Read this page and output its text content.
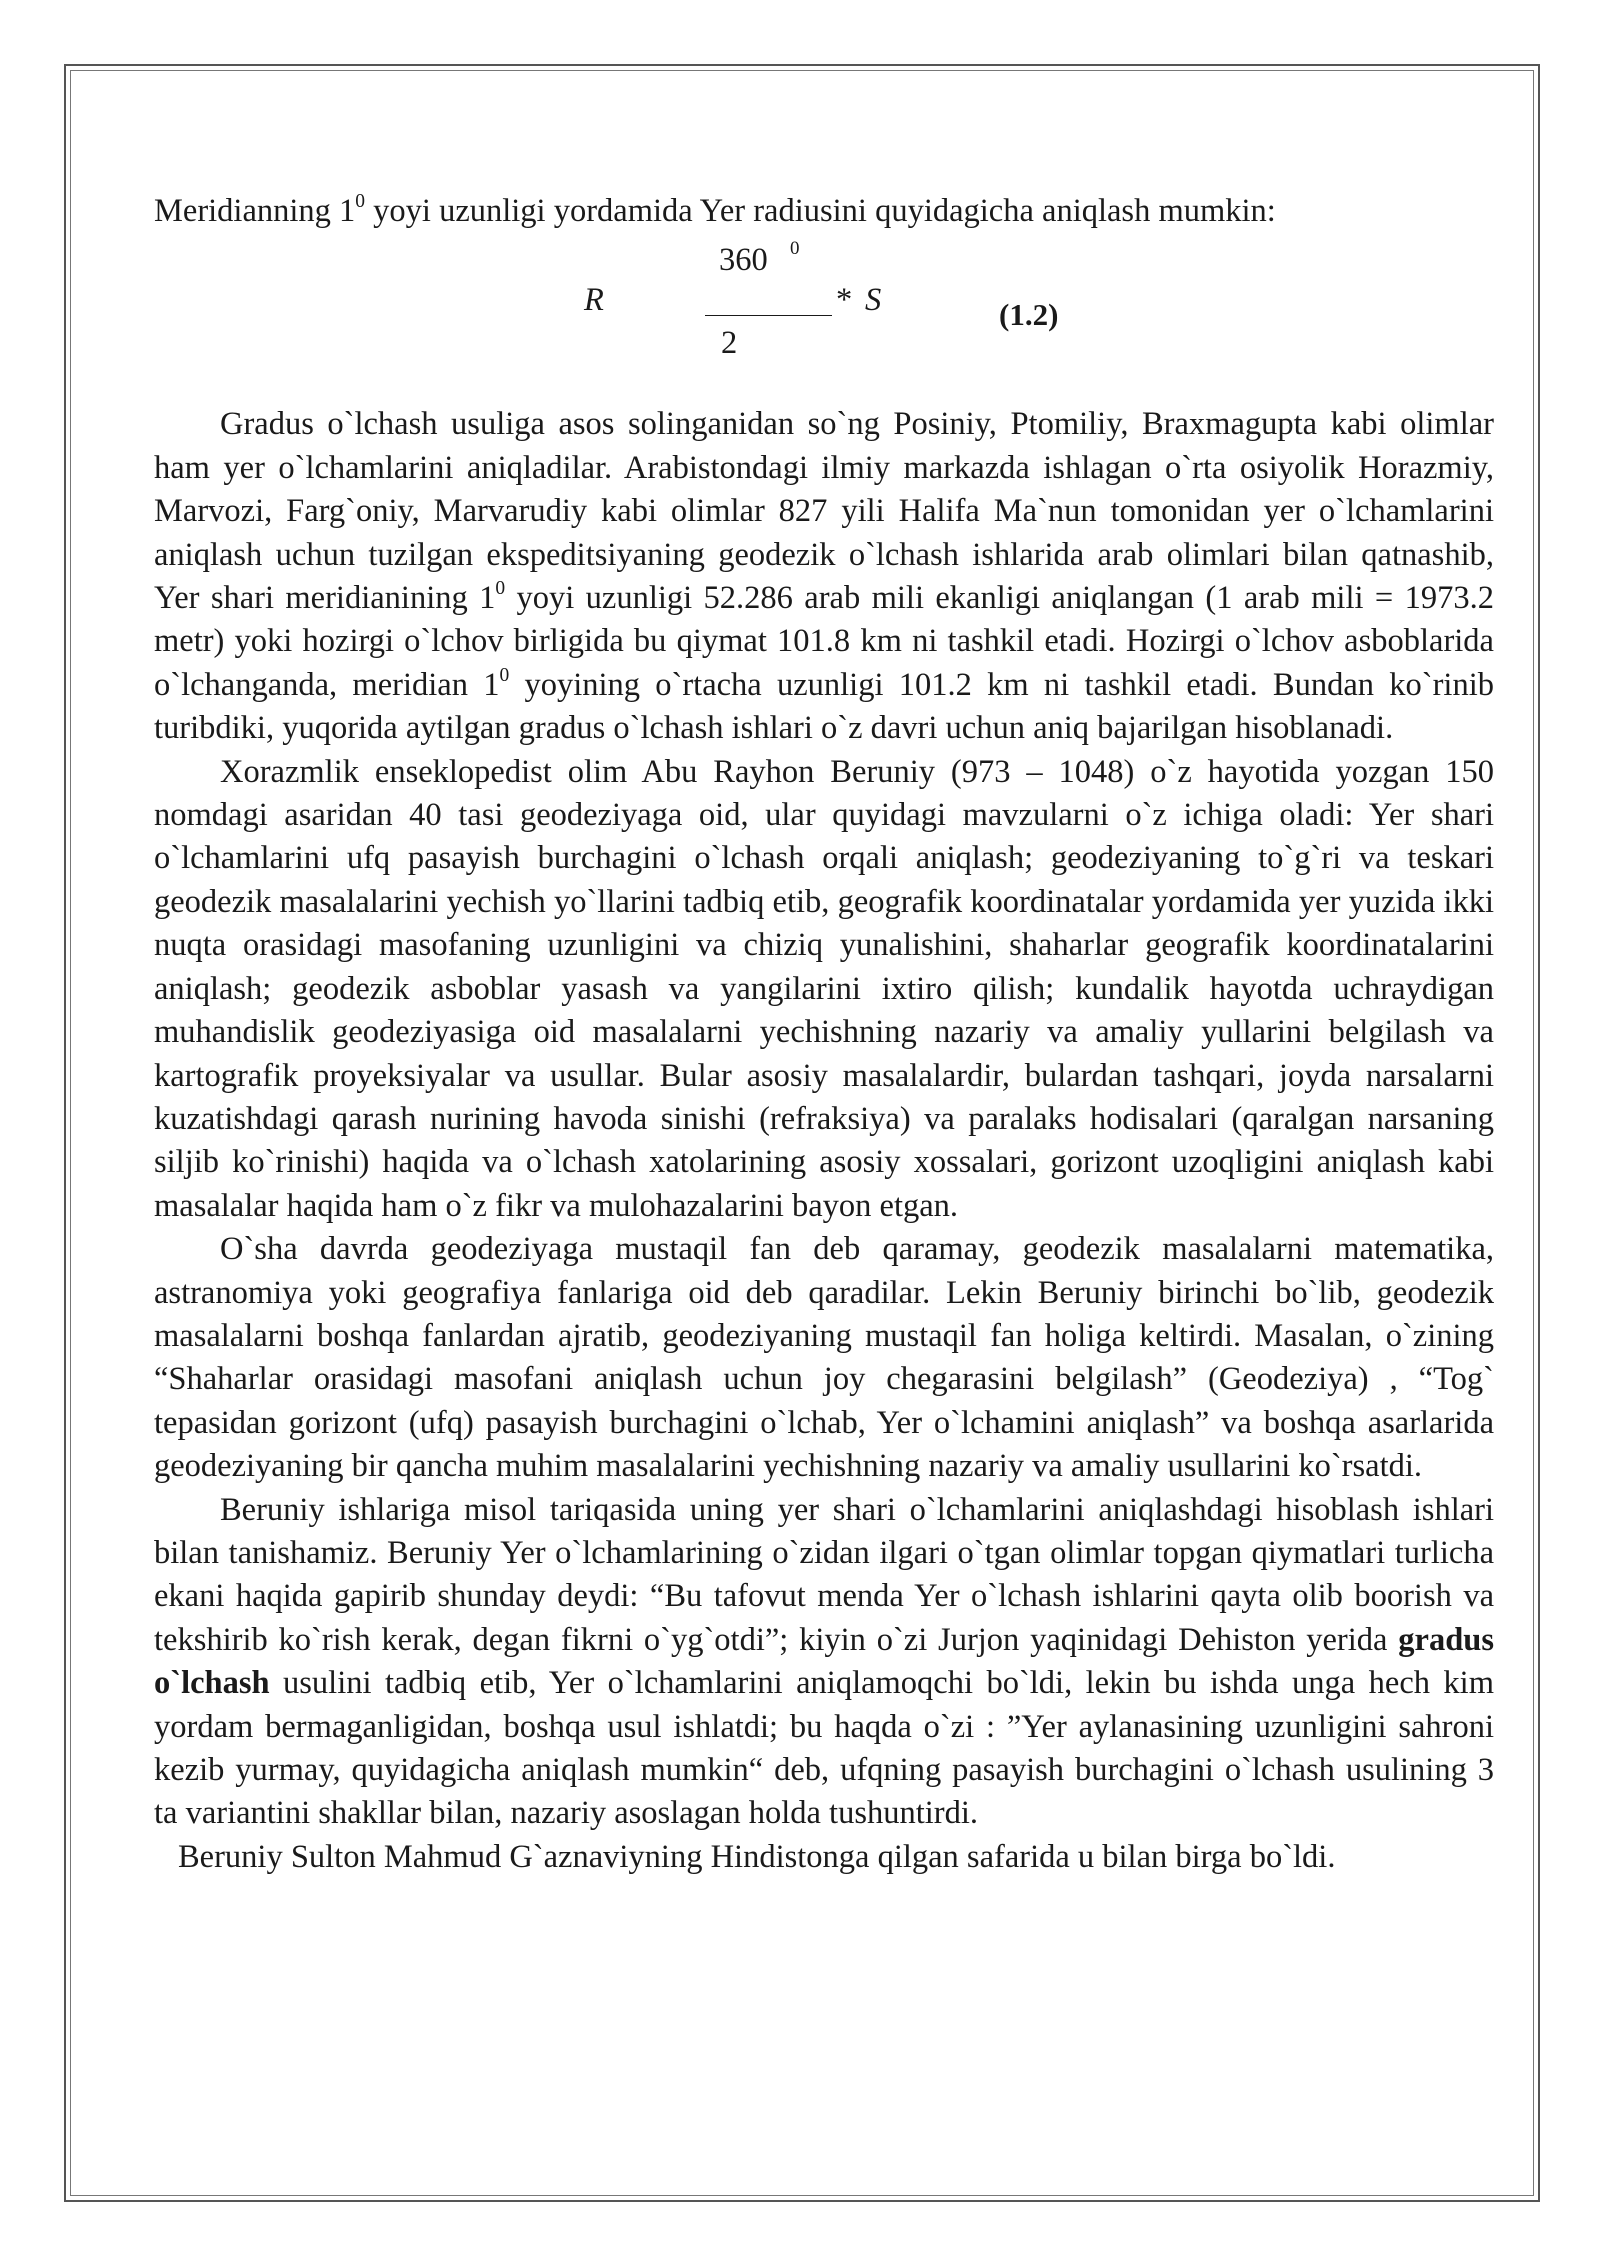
Meridianning $1^0$ yoyi uzunligi yordamida Yer radiusini quyidagicha aniqlash mumkin:

360 0
R	* S
2
(1.2)

Gradus o`lchash usuliga asos solinganidan so`ng Posiniy, Ptomiliy, Braxmagupta kabi olimlar ham yer o`lchamlarini aniqladilar. Arabistondagi ilmiy markazda ishlagan o`rta osiyolik Horazmiy, Marvozi, Farg`oniy, Marvarudiy kabi olimlar 827 yili Halifa Ma`nun tomonidan yer o`lchamlarini aniqlash uchun tuzilgan ekspeditsiyaning geodezik o`lchash ishlarida arab olimlari bilan qatnashib, Yer shari meridianining $1^0$ yoyi uzunligi 52.286 arab mili ekanligi aniqlangan (1 arab mili = 1973.2 metr) yoki hozirgi o`lchov birligida bu qiymat 101.8 km ni tashkil etadi. Hozirgi o`lchov asboblarida o`lchanganda, meridian $1^0$ yoyining o`rtacha uzunligi 101.2 km ni tashkil etadi. Bundan ko`rinib turibdiki, yuqorida aytilgan gradus o`lchash ishlari o`z davri uchun aniq bajarilgan hisoblanadi.

Xorazmlik enseklopedist olim Abu Rayhon Beruniy (973 – 1048) o`z hayotida yozgan 150 nomdagi asaridan 40 tasi geodeziyaga oid, ular quyidagi mavzularni o`z ichiga oladi: Yer shari o`lchamlarini ufq pasayish burchagini o`lchash orqali aniqlash; geodeziyaning to`g`ri va teskari geodezik masalalarini yechish yo`llarini tadbiq etib, geografik koordinatalar yordamida yer yuzida ikki nuqta orasidagi masofaning uzunligini va chiziq yunalishini, shaharlar geografik koordinatalarini aniqlash; geodezik asboblar yasash va yangilarini ixtiro qilish; kundalik hayotda uchraydigan muhandislik geodeziyasiga oid masalalarni yechishning nazariy va amaliy yullarini belgilash va kartografik proyeksiyalar va usullar. Bular asosiy masalalardir, bulardan tashqari, joyda narsalarni kuzatishdagi qarash nurining havoda sinishi (refraksiya) va paralaks hodisalari (qaralgan narsaning siljib ko`rinishi) haqida va o`lchash xatolarining asosiy xossalari, gorizont uzoqligini aniqlash kabi masalalar haqida ham o`z fikr va mulohazalarini bayon etgan.

O`sha davrda geodeziyaga mustaqil fan deb qaramay, geodezik masalalarni matematika, astranomiya yoki geografiya fanlariga oid deb qaradilar. Lekin Beruniy birinchi bo`lib, geodezik masalalarni boshqa fanlardan ajratib, geodeziyaning mustaqil fan holiga keltirdi. Masalan, o`zining “Shaharlar orasidagi masofani aniqlash uchun joy chegarasini belgilash” (Geodeziya) , “Tog` tepasidan gorizont (ufq) pasayish burchagini o`lchab, Yer o`lchamini aniqlash” va boshqa asarlarida geodeziyaning bir qancha muhim masalalarini yechishning nazariy va amaliy usullarini ko`rsatdi.

Beruniy ishlariga misol tariqasida uning yer shari o`lchamlarini aniqlashdagi hisoblash ishlari bilan tanishamiz. Beruniy Yer o`lchamlarining o`zidan ilgari o`tgan olimlar topgan qiymatlari turlicha ekani haqida gapirib shunday deydi: “Bu tafovut menda Yer o`lchash ishlarini qayta olib boorish va tekshirib ko`rish kerak, degan fikrni o`yg`otdi”; kiyin o`zi Jurjon yaqinidagi Dehiston yerida gradus o`lchash usulini tadbiq etib, Yer o`lchamlarini aniqlamoqchi bo`ldi, lekin bu ishda unga hech kim yordam bermaganligidan, boshqa usul ishlatdi; bu haqda o`zi : ”Yer aylanasining uzunligini sahroni kezib yurmay, quyidagicha aniqlash mumkin“ deb, ufqning pasayish burchagini o`lchash usulining 3 ta variantini shakllar bilan, nazariy asoslagan holda tushuntirdi.

Beruniy Sulton Mahmud G`aznaviyning Hindistonga qilgan safarida u bilan birga bo`ldi.
